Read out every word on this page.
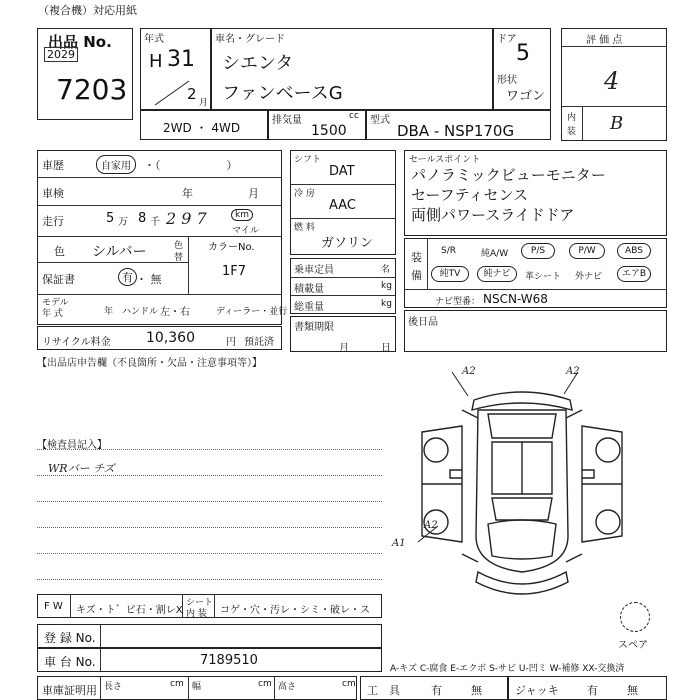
（複合機）対応用紙
出品 No.
2029
7203
年式
H 31
2 月
車名・グレード
シエンタ
ファンベースG
ドア
5
形状
ワゴン
評 価 点
4
内
装 B
2WD ・ 4WD
排気量	cc
1500
型式
DBA - NSP170G
車歴	自家用	・（　　　　　　）
車検	年	月
走行	5 万 8 千 2 9 7	km
マイル
色 シルバー	色
替
カラーNo.
1F7
保証書	有 ・ 無
モデル
年 式	年 ハンドル 左・右	ディーラー・並行
リサイクル料金	10,360	円 預託済
シフト
DAT
冷 房
AAC
燃 料
ガソリン
乗車定員	名
積載量	kg
総重量	kg
書類期限
月	日
セールスポイント
パノラミックビューモニター
セーフティセンス
両側パワースライドドア
装
備
S/R	純A/W	P/S	P/W	ABS
純TV	純ナビ	革シート 外ナビ	エアB
ナビ型番： NSCN-W68
後日品
【出品店申告欄（不良箇所・欠品・注意事項等）】
【検査員記入】
WRバー チズ
A2	A2
A2
A1
スペア
F W キズ・ト゛ビ石・割レX
シート
内 装 コゲ・穴・汚レ・シミ・破レ・ス
登 録 No.
車 台 No.	7189510
車庫証明用 長さ	cm 幅	cm 高さ	cm
A-キズ C-腐食 E-エクボ S-サビ U-凹ミ W-補修 XX-交換済
工　具	有	無	ジャッキ	有	無
